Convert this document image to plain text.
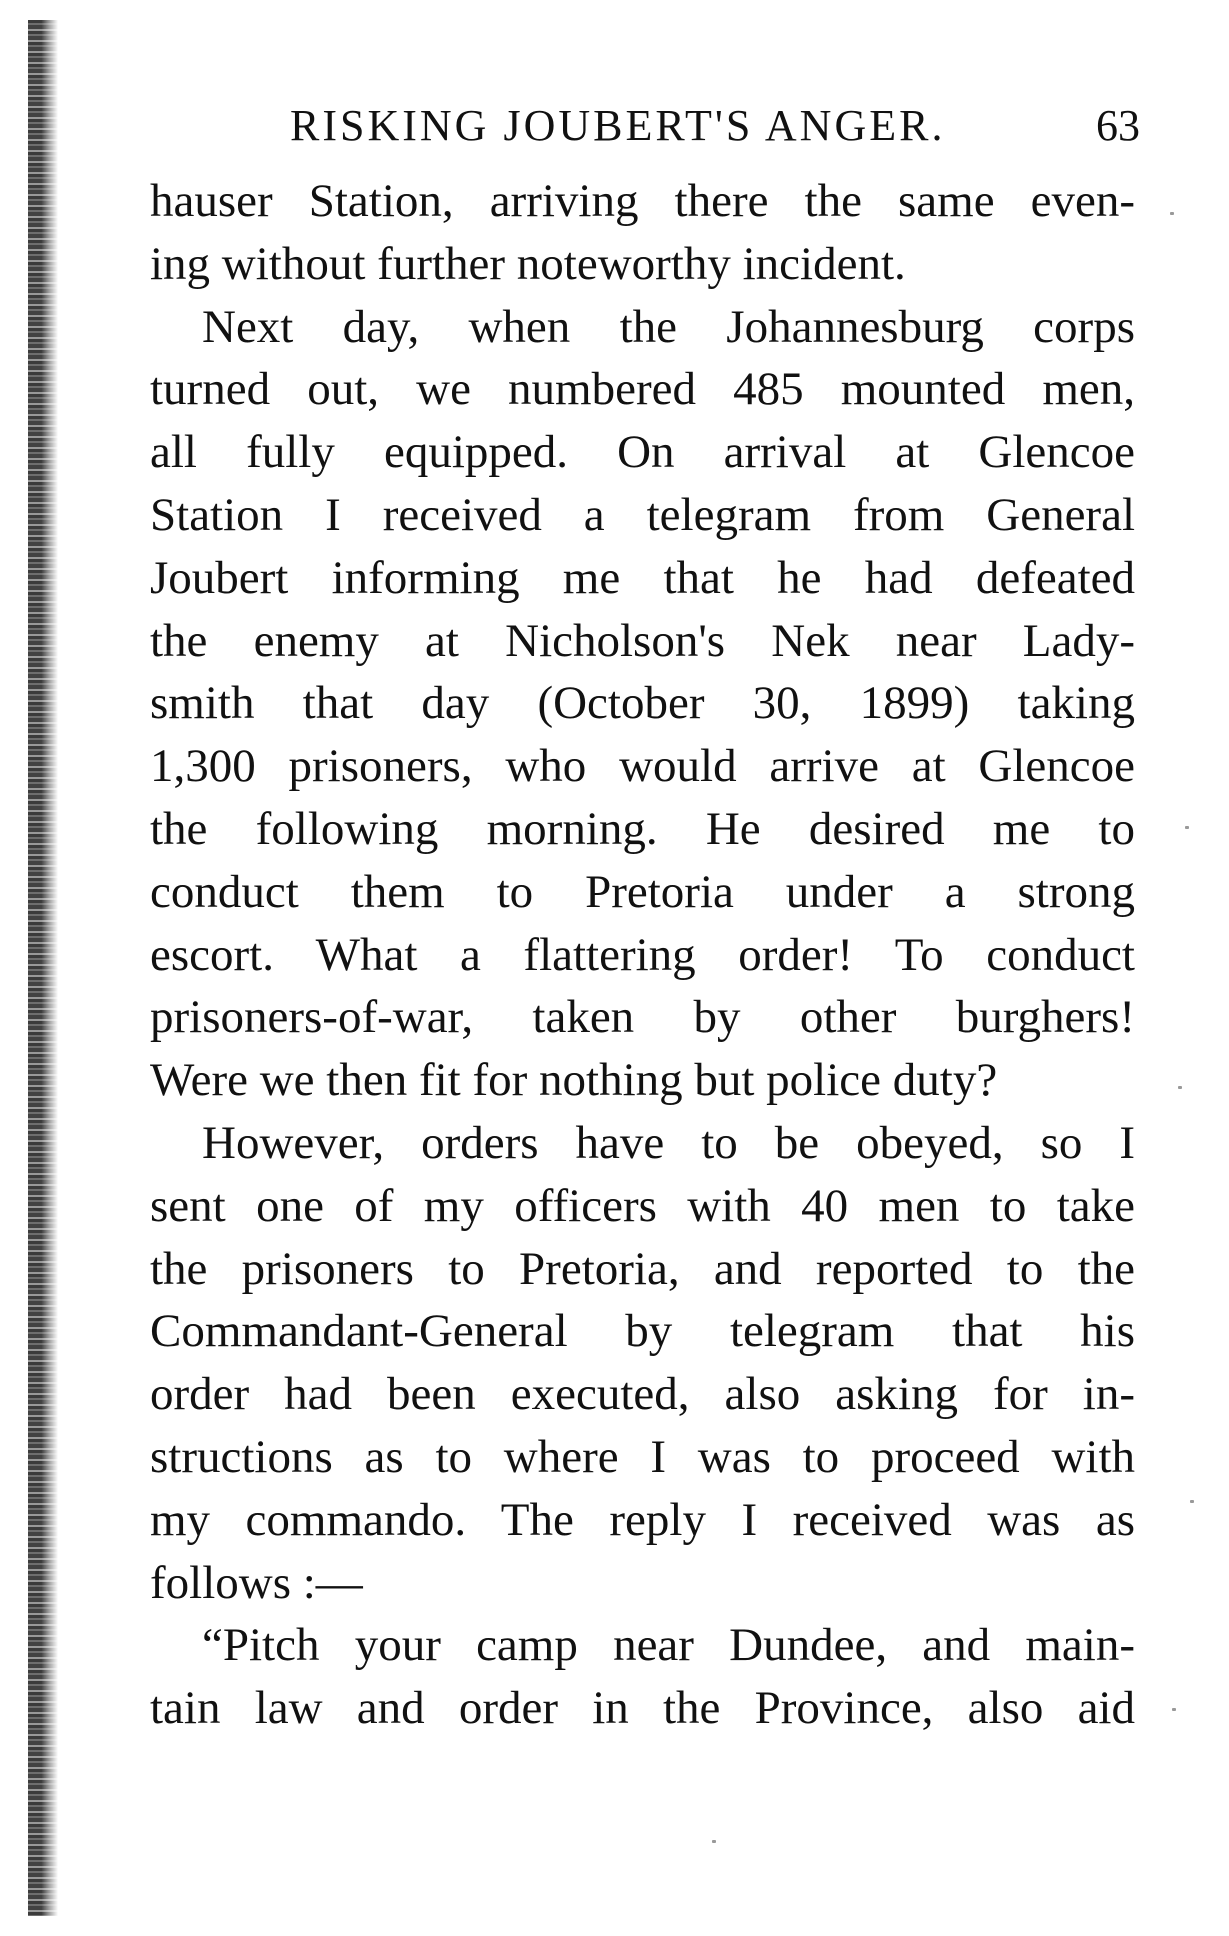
RISKING JOUBERT'S ANGER.	63
hauser Station, arriving there the same even-
ing without further noteworthy incident.
Next day, when the Johannesburg corps
turned out, we numbered 485 mounted men,
all fully equipped. On arrival at Glencoe
Station I received a telegram from General
Joubert informing me that he had defeated
the enemy at Nicholson's Nek near Lady-
smith that day (October 30, 1899) taking
1,300 prisoners, who would arrive at Glencoe
the following morning. He desired me to
conduct them to Pretoria under a strong
escort. What a flattering order! To conduct
prisoners-of-war, taken by other burghers!
Were we then fit for nothing but police duty?
However, orders have to be obeyed, so I
sent one of my officers with 40 men to take
the prisoners to Pretoria, and reported to the
Commandant-General by telegram that his
order had been executed, also asking for in-
structions as to where I was to proceed with
my commando. The reply I received was as
follows :—
“Pitch your camp near Dundee, and main-
tain law and order in the Province, also aid
